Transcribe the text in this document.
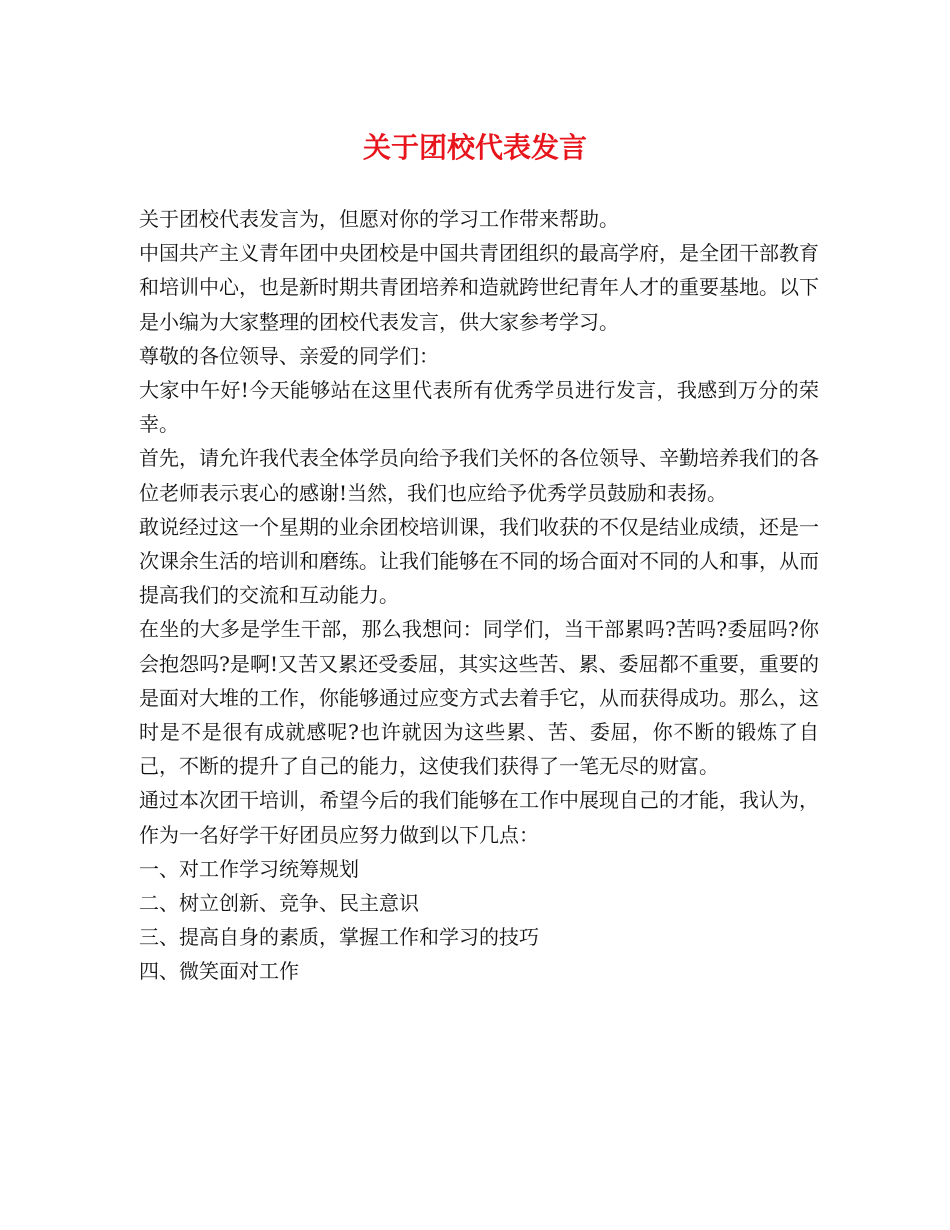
关于团校代表发言

关于团校代表发言为，但愿对你的学习工作带来帮助。

中国共产主义青年团中央团校是中国共青团组织的最高学府，是全团干部教育和培训中心，也是新时期共青团培养和造就跨世纪青年人才的重要基地。以下是小编为大家整理的团校代表发言，供大家参考学习。

尊敬的各位领导、亲爱的同学们：

大家中午好!今天能够站在这里代表所有优秀学员进行发言，我感到万分的荣幸。

首先，请允许我代表全体学员向给予我们关怀的各位领导、辛勤培养我们的各位老师表示衷心的感谢!当然，我们也应给予优秀学员鼓励和表扬。

敢说经过这一个星期的业余团校培训课，我们收获的不仅是结业成绩，还是一次课余生活的培训和磨练。让我们能够在不同的场合面对不同的人和事，从而提高我们的交流和互动能力。

在坐的大多是学生干部，那么我想问：同学们，当干部累吗?苦吗?委屈吗?你会抱怨吗?是啊!又苦又累还受委屈，其实这些苦、累、委屈都不重要，重要的是面对大堆的工作，你能够通过应变方式去着手它，从而获得成功。那么，这时是不是很有成就感呢?也许就因为这些累、苦、委屈，你不断的锻炼了自己，不断的提升了自己的能力，这使我们获得了一笔无尽的财富。

通过本次团干培训，希望今后的我们能够在工作中展现自己的才能，我认为，作为一名好学干好团员应努力做到以下几点：

一、对工作学习统筹规划

二、树立创新、竞争、民主意识

三、提高自身的素质，掌握工作和学习的技巧

四、微笑面对工作
